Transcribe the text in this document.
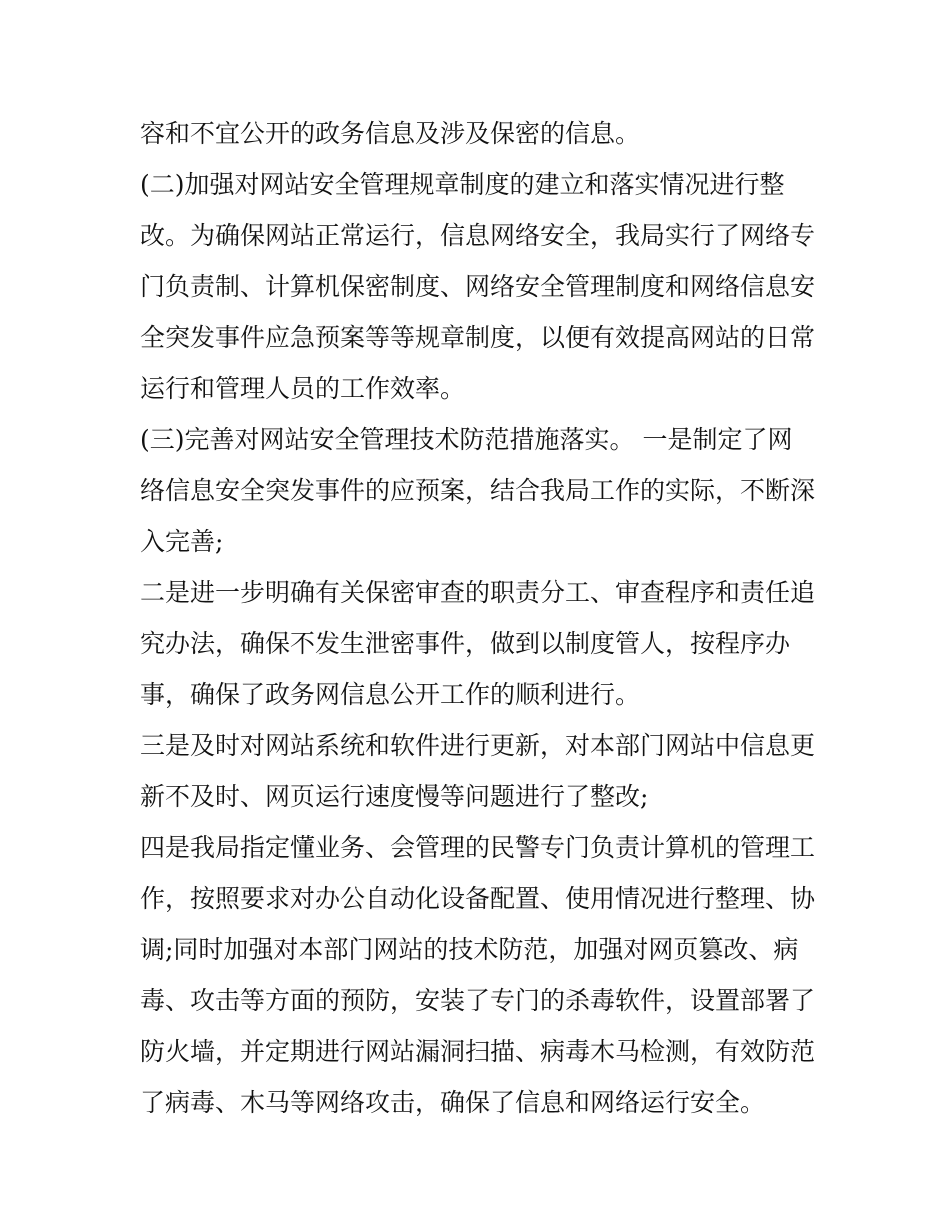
容和不宜公开的政务信息及涉及保密的信息。
(二)加强对网站安全管理规章制度的建立和落实情况进行整
改。为确保网站正常运行，信息网络安全，我局实行了网络专
门负责制、计算机保密制度、网络安全管理制度和网络信息安
全突发事件应急预案等等规章制度，以便有效提高网站的日常
运行和管理人员的工作效率。
(三)完善对网站安全管理技术防范措施落实。 一是制定了网
络信息安全突发事件的应预案，结合我局工作的实际，不断深
入完善;
二是进一步明确有关保密审查的职责分工、审查程序和责任追
究办法，确保不发生泄密事件，做到以制度管人，按程序办
事，确保了政务网信息公开工作的顺利进行。
三是及时对网站系统和软件进行更新，对本部门网站中信息更
新不及时、网页运行速度慢等问题进行了整改;
四是我局指定懂业务、会管理的民警专门负责计算机的管理工
作，按照要求对办公自动化设备配置、使用情况进行整理、协
调;同时加强对本部门网站的技术防范，加强对网页篡改、病
毒、攻击等方面的预防，安装了专门的杀毒软件，设置部署了
防火墙，并定期进行网站漏洞扫描、病毒木马检测，有效防范
了病毒、木马等网络攻击，确保了信息和网络运行安全。
